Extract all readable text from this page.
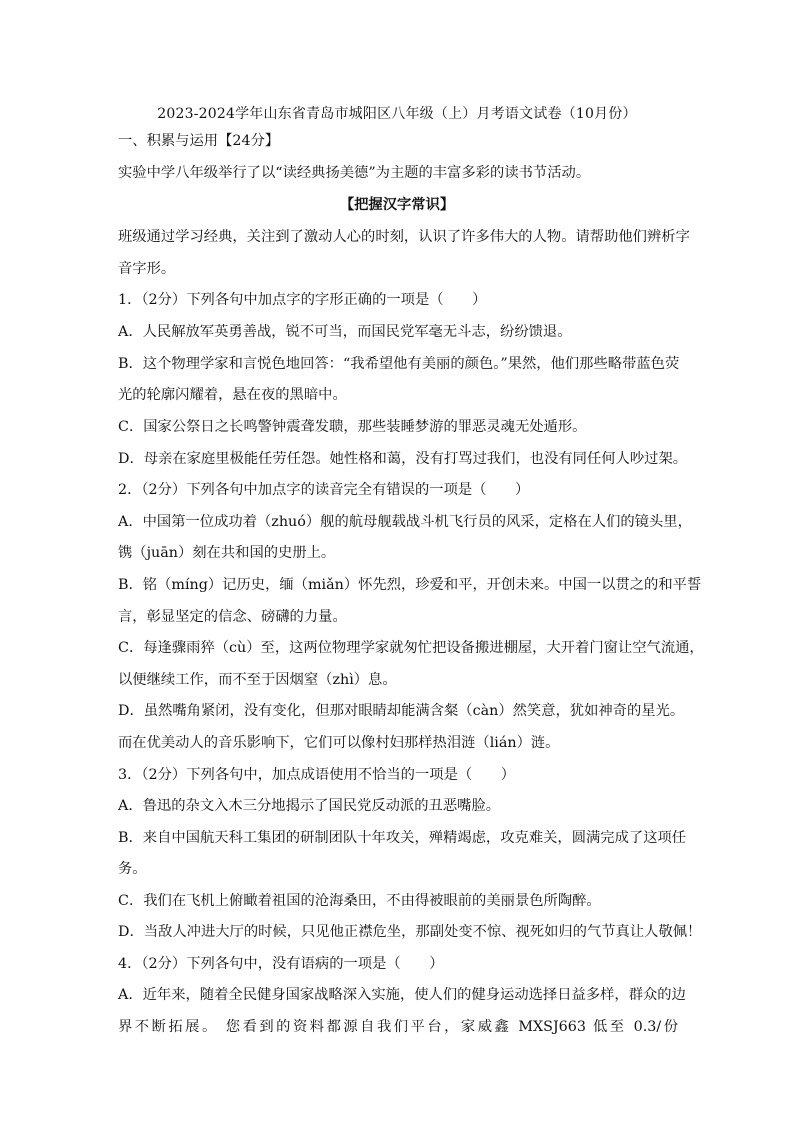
2023-2024学年山东省青岛市城阳区八年级（上）月考语文试卷（10月份）
一、积累与运用【24分】
实验中学八年级举行了以“读经典扬美德”为主题的丰富多彩的读书节活动。
【把握汉字常识】
班级通过学习经典，关注到了激动人心的时刻，认识了许多伟大的人物。请帮助他们辨析字
音字形。
1．（2分）下列各句中加点字的字形正确的一项是（　　）
A．人民解放军英勇善战，锐不可当，而国民党军毫无斗志，纷纷馈退。
B．这个物理学家和言悦色地回答：“我希望他有美丽的颜色。”果然，他们那些略带蓝色荧
光的轮廓闪耀着，悬在夜的黑暗中。
C．国家公祭日之长鸣警钟震聋发聩，那些装睡梦游的罪恶灵魂无处遁形。
D．母亲在家庭里极能任劳任怨。她性格和蔼，没有打骂过我们，也没有同任何人吵过架。
2．（2分）下列各句中加点字的读音完全有错误的一项是（　　）
A．中国第一位成功着（zhuó）舰的航母舰载战斗机飞行员的风采，定格在人们的镜头里，
镌（juān）刻在共和国的史册上。
B．铭（míng）记历史，缅（miǎn）怀先烈，珍爱和平，开创未来。中国一以贯之的和平誓
言，彰显坚定的信念、磅礴的力量。
C．每逢骤雨猝（cù）至，这两位物理学家就匆忙把设备搬进棚屋，大开着门窗让空气流通，
以便继续工作，而不至于因烟窒（zhì）息。
D．虽然嘴角紧闭，没有变化，但那对眼睛却能满含粲（càn）然笑意，犹如神奇的星光。
而在优美动人的音乐影响下，它们可以像村妇那样热泪涟（lián）涟。
3．（2分）下列各句中，加点成语使用不恰当的一项是（　　）
A．鲁迅的杂文入木三分地揭示了国民党反动派的丑恶嘴脸。
B．来自中国航天科工集团的研制团队十年攻关，殚精竭虑，攻克难关，圆满完成了这项任
务。
C．我们在飞机上俯瞰着祖国的沧海桑田，不由得被眼前的美丽景色所陶醉。
D．当敌人冲进大厅的时候，只见他正襟危坐，那副处变不惊、视死如归的气节真让人敬佩！
4．（2分）下列各句中，没有语病的一项是（　　）
A．近年来，随着全民健身国家战略深入实施，使人们的健身运动选择日益多样，群众的边
界不断拓展。 您看到的资料都源自我们平台，家威鑫 MXSJ663 低至 0.3/份
